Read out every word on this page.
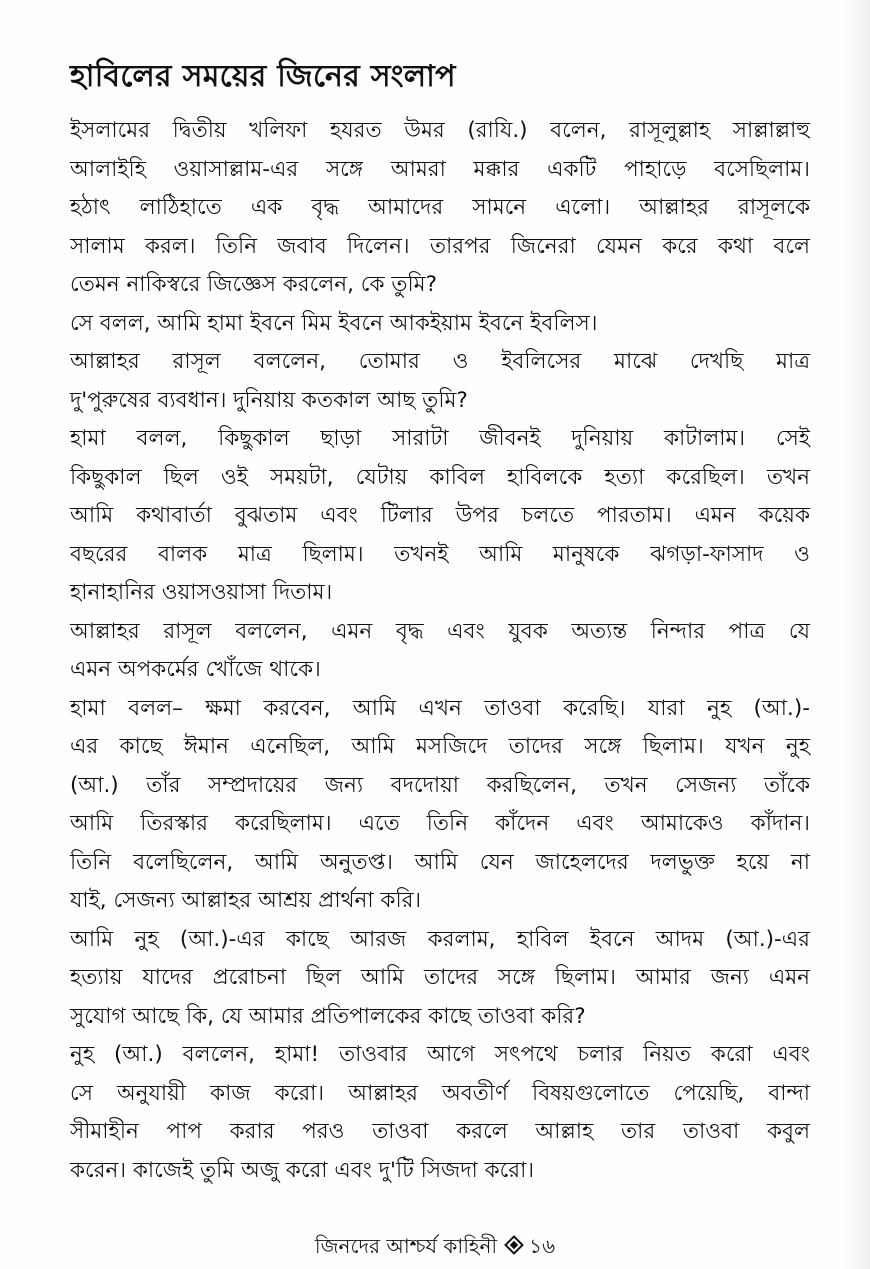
হাবিলের সময়ের জিনের সংলাপ
ইসলামের দ্বিতীয় খলিফা হযরত উমর (রাযি.) বলেন, রাসূলুল্লাহ সাল্লাল্লাহু
আলাইহি ওয়াসাল্লাম-এর সঙ্গে আমরা মক্কার একটি পাহাড়ে বসেছিলাম।
হঠাৎ লাঠিহাতে এক বৃদ্ধ আমাদের সামনে এলো। আল্লাহর রাসূলকে
সালাম করল। তিনি জবাব দিলেন। তারপর জিনেরা যেমন করে কথা বলে
তেমন নাকিস্বরে জিজ্ঞেস করলেন, কে তুমি?
সে বলল, আমি হামা ইবনে মিম ইবনে আকইয়াম ইবনে ইবলিস।
আল্লাহর রাসূল বললেন, তোমার ও ইবলিসের মাঝে দেখছি মাত্র
দু'পুরুষের ব্যবধান। দুনিয়ায় কতকাল আছ তুমি?
হামা বলল, কিছুকাল ছাড়া সারাটা জীবনই দুনিয়ায় কাটালাম। সেই
কিছুকাল ছিল ওই সময়টা, যেটায় কাবিল হাবিলকে হত্যা করেছিল। তখন
আমি কথাবার্তা বুঝতাম এবং টিলার উপর চলতে পারতাম। এমন কয়েক
বছরের বালক মাত্র ছিলাম। তখনই আমি মানুষকে ঝগড়া-ফাসাদ ও
হানাহানির ওয়াসওয়াসা দিতাম।
আল্লাহর রাসূল বললেন, এমন বৃদ্ধ এবং যুবক অত্যন্ত নিন্দার পাত্র যে
এমন অপকর্মের খোঁজে থাকে।
হামা বলল– ক্ষমা করবেন, আমি এখন তাওবা করেছি। যারা নুহ (আ.)-
এর কাছে ঈমান এনেছিল, আমি মসজিদে তাদের সঙ্গে ছিলাম। যখন নুহ
(আ.) তাঁর সম্প্রদায়ের জন্য বদদোয়া করছিলেন, তখন সেজন্য তাঁকে
আমি তিরস্কার করেছিলাম। এতে তিনি কাঁদেন এবং আমাকেও কাঁদান।
তিনি বলেছিলেন, আমি অনুতপ্ত। আমি যেন জাহেলদের দলভুক্ত হয়ে না
যাই, সেজন্য আল্লাহর আশ্রয় প্রার্থনা করি।
আমি নুহ (আ.)-এর কাছে আরজ করলাম, হাবিল ইবনে আদম (আ.)-এর
হত্যায় যাদের প্ররোচনা ছিল আমি তাদের সঙ্গে ছিলাম। আমার জন্য এমন
সুযোগ আছে কি, যে আমার প্রতিপালকের কাছে তাওবা করি?
নুহ (আ.) বললেন, হামা! তাওবার আগে সৎপথে চলার নিয়ত করো এবং
সে অনুযায়ী কাজ করো। আল্লাহর অবতীর্ণ বিষয়গুলোতে পেয়েছি, বান্দা
সীমাহীন পাপ করার পরও তাওবা করলে আল্লাহ তার তাওবা কবুল
করেন। কাজেই তুমি অজু করো এবং দু'টি সিজদা করো।
জিনদের আশ্চর্য কাহিনী ১৬
